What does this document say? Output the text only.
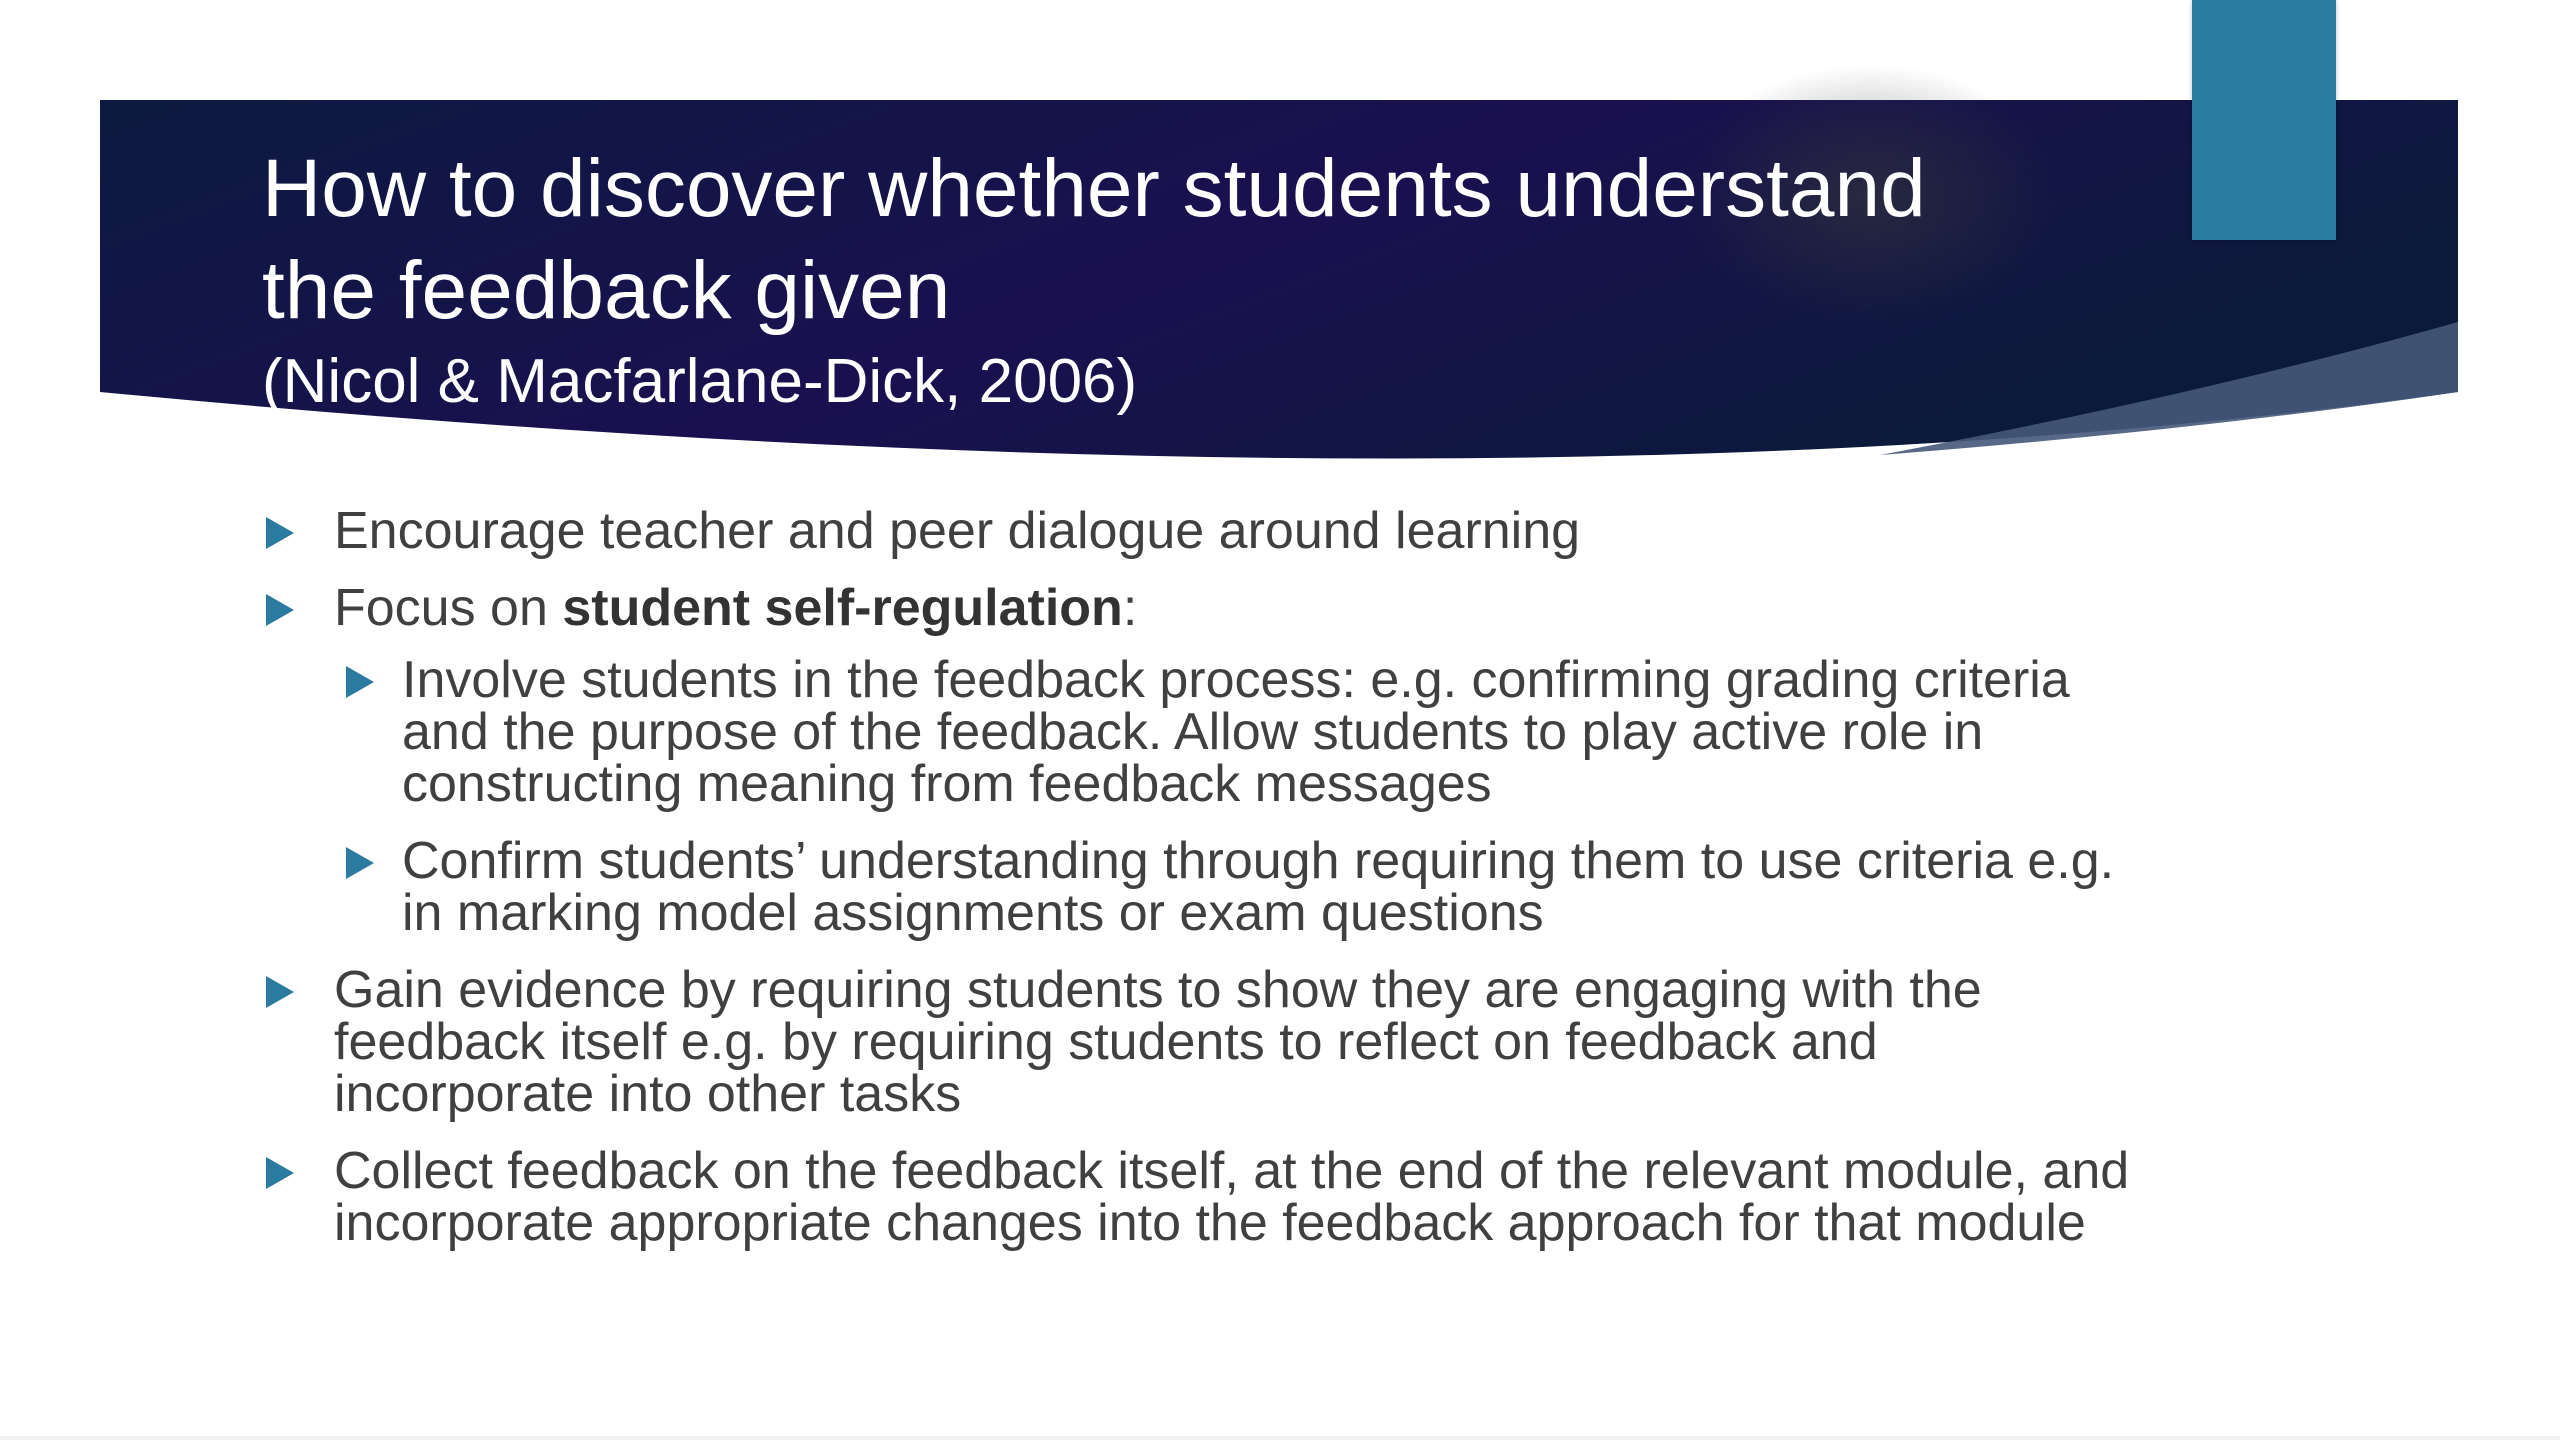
How to discover whether students understand
the feedback given

(Nicol & Macfarlane-Dick, 2006)

Encourage teacher and peer dialogue around learning
Focus on student self-regulation:
Involve students in the feedback process: e.g. confirming grading criteria and the purpose of the feedback. Allow students to play active role in constructing meaning from feedback messages
Confirm students’ understanding through requiring them to use criteria e.g. in marking model assignments or exam questions
Gain evidence by requiring students to show they are engaging with the feedback itself e.g. by requiring students to reflect on feedback and incorporate into other tasks
Collect feedback on the feedback itself, at the end of the relevant module, and incorporate appropriate changes into the feedback approach for that module
